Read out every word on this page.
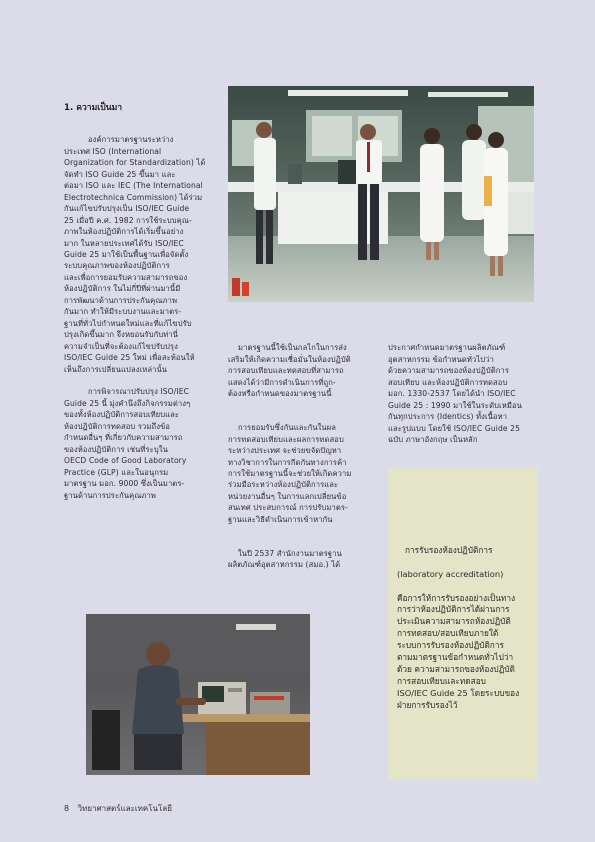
1. ความเป็นมา

องค์การมาตรฐานระหว่าง
ประเทศ ISO (International
Organization for Standardization) ได้
จัดทำ ISO Guide 25 ขึ้นมา และ
ต่อมา ISO และ IEC (The International
Electrotechnica Commission) ได้ร่วม
กันแก้ไขปรับปรุงเป็น ISO/IEC Guide
25 เมื่อปี ค.ศ. 1982 การใช้ระบบคุณ-
ภาพในห้องปฏิบัติการได้เริ่มขึ้นอย่าง
มาก ในหลายประเทศได้รับ ISO/IEC
Guide 25 มาใช้เป็นพื้นฐานเพื่อจัดตั้ง
ระบบคุณภาพของห้องปฏิบัติการ
และเพื่อการยอมรับความสามารถของ
ห้องปฏิบัติการ ในไม่กี่ปีที่ผ่านมานี้มี
การพัฒนาด้านการประกันคุณภาพ
กันมาก ทำให้มีระบบงานและมาตร-
ฐานที่ทั่วไปกำหนดใหม่และที่แก้ไขปรับ
ปรุงเกิดขึ้นมาก จึงหยอนรับกับท่านี่
ความจำเป็นที่จะต้องแก้ไขปรับปรุง
ISO/IEC Guide 25 ใหม่ เพื่อสะท้อนให้
เห็นถึงการเปลี่ยนแปลงเหล่านั้น

การพิจารณาปรับปรุง ISO/IEC
Guide 25 นี้ มุ่งคำนึงถึงกิจกรรมต่างๆ
ของทั้งห้องปฏิบัติการสอบเทียบและ
ห้องปฏิบัติการทดสอบ รวมถึงข้อ
กำหนดอื่นๆ ที่เกี่ยวกับความสามารถ
ของห้องปฏิบัติการ เช่นที่ระบุใน
OECD Code of Good Laboratory
Practice (GLP) และในอนุกรม
มาตรฐาน มอก. 9000 ซึ่งเป็นมาตร-
ฐานด้านการประกันคุณภาพ

มาตรฐานนี้ใช้เป็นกลไกในการส่ง
เสริมให้เกิดความเชื่อมั่นในห้องปฏิบัติ
การสอบเทียบและทดสอบที่สามารถ
แสดงได้ว่ามีการดำเนินการที่ถูก-
ต้องหรือกำหนดของมาตรฐานนี้

การยอมรับซึ่งกันและกันในผล
การทดสอบเทียบและผลการทดสอบ
ระหว่างประเทศ จะช่วยขจัดปัญหา
ทางวิชาการในการกีดกันทางการค้า
การใช้มาตรฐานนี้จะช่วยให้เกิดความ
ร่วมมือระหว่างห้องปฏิบัติการและ
หน่วยงานอื่นๆ ในการแลกเปลี่ยนข้อ
สนเทศ ประสบการณ์ การปรับมาตร-
ฐานและวิธีดำเนินการเข้าหากัน

ในปี 2537 สำนักงานมาตรฐาน
ผลิตภัณฑ์อุตสาหกรรม (สมอ.) ได้

ประกาศกำหนดมาตรฐานผลิตภัณฑ์
อุตสาหกรรม ข้อกำหนดทั่วไปว่า
ด้วยความสามารถของห้องปฏิบัติการ
สอบเทียบ และห้องปฏิบัติการทดสอบ
มอก. 1330-2537 โดยได้นำ ISO/IEC
Guide 25 : 1990 มาใช้ในระดับเหมือน
กันทุกประการ (Identics) ทั้งเนื้อหา
และรูปแบบ โดยใช้ ISO/IEC Guide 25
ฉบับ ภาษาอังกฤษ เป็นหลัก

การรับรองห้องปฏิบัติการ

(laboratory accreditation)

คือการให้การรับรองอย่างเป็นทาง
การว่าห้องปฏิบัติการได้ผ่านการ
ประเมินความสามารถห้องปฏิบัติ
การทดสอบ/สอบเทียบภายใต้
ระบบการรับรองห้องปฏิบัติการ
ตามมาตรฐานข้อกำหนดทั่วไปว่า
ด้วย ความสามารถของห้องปฏิบัติ
การสอบเทียบและทดสอบ
ISO/IEC Guide 25 โดยระบบของ
ฝ่ายการรับรองไว้

8 วิทยาศาสตร์และเทคโนโลยี
